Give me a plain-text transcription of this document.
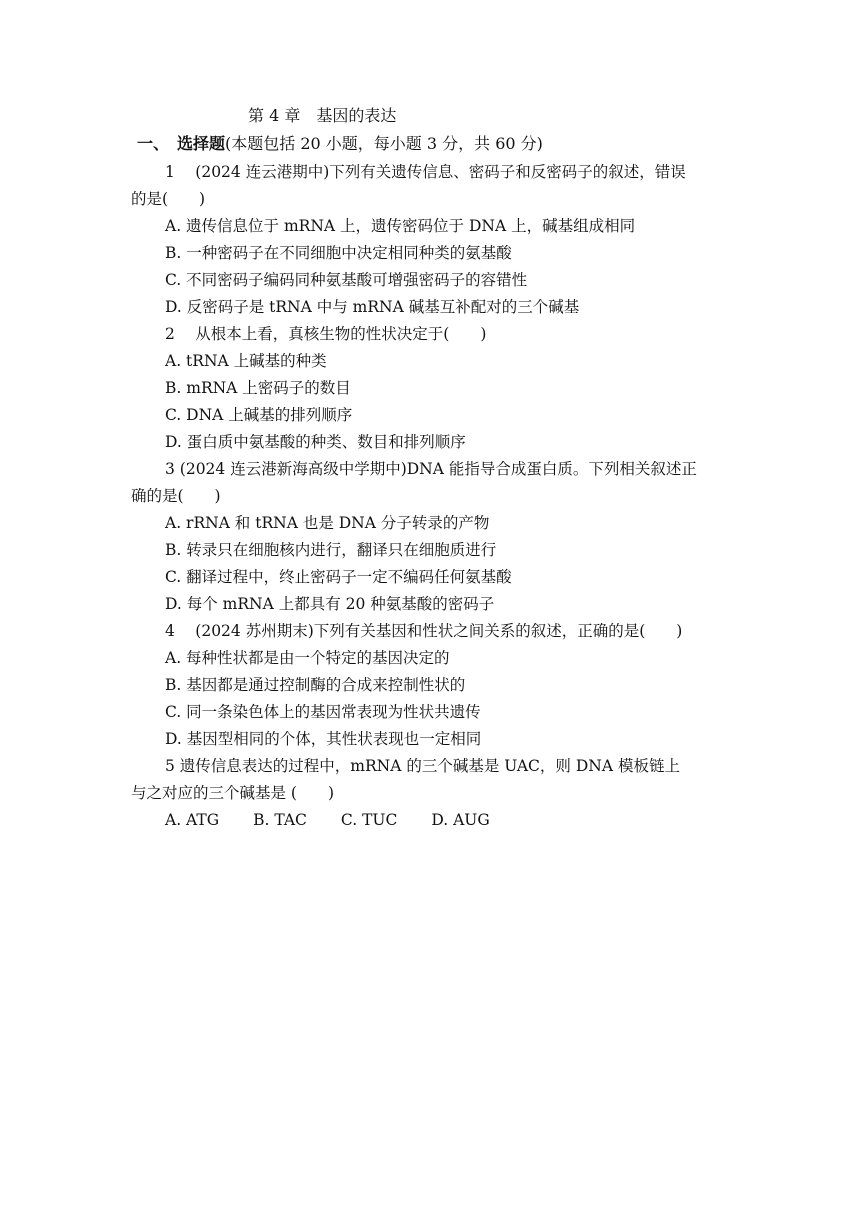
第 4 章　基因的表达
一、　选择题(本题包括 20 小题，每小题 3 分，共 60 分)
1　 (2024 连云港期中)下列有关遗传信息、密码子和反密码子的叙述，错误
的是(　　)
A. 遗传信息位于 mRNA 上，遗传密码位于 DNA 上，碱基组成相同
B. 一种密码子在不同细胞中决定相同种类的氨基酸
C. 不同密码子编码同种氨基酸可增强密码子的容错性
D. 反密码子是 tRNA 中与 mRNA 碱基互补配对的三个碱基
2　 从根本上看，真核生物的性状决定于(　　)
A. tRNA 上碱基的种类
B. mRNA 上密码子的数目
C. DNA 上碱基的排列顺序
D. 蛋白质中氨基酸的种类、数目和排列顺序
3 (2024 连云港新海高级中学期中)DNA 能指导合成蛋白质。下列相关叙述正
确的是(　　)
A. rRNA 和 tRNA 也是 DNA 分子转录的产物
B. 转录只在细胞核内进行，翻译只在细胞质进行
C. 翻译过程中，终止密码子一定不编码任何氨基酸
D. 每个 mRNA 上都具有 20 种氨基酸的密码子
4　 (2024 苏州期末)下列有关基因和性状之间关系的叙述，正确的是(　　)
A. 每种性状都是由一个特定的基因决定的
B. 基因都是通过控制酶的合成来控制性状的
C. 同一条染色体上的基因常表现为性状共遗传
D. 基因型相同的个体，其性状表现也一定相同
5 遗传信息表达的过程中，mRNA 的三个碱基是 UAC，则 DNA 模板链上
与之对应的三个碱基是 (　　)
A. ATG B. TAC C. TUC D. AUG
